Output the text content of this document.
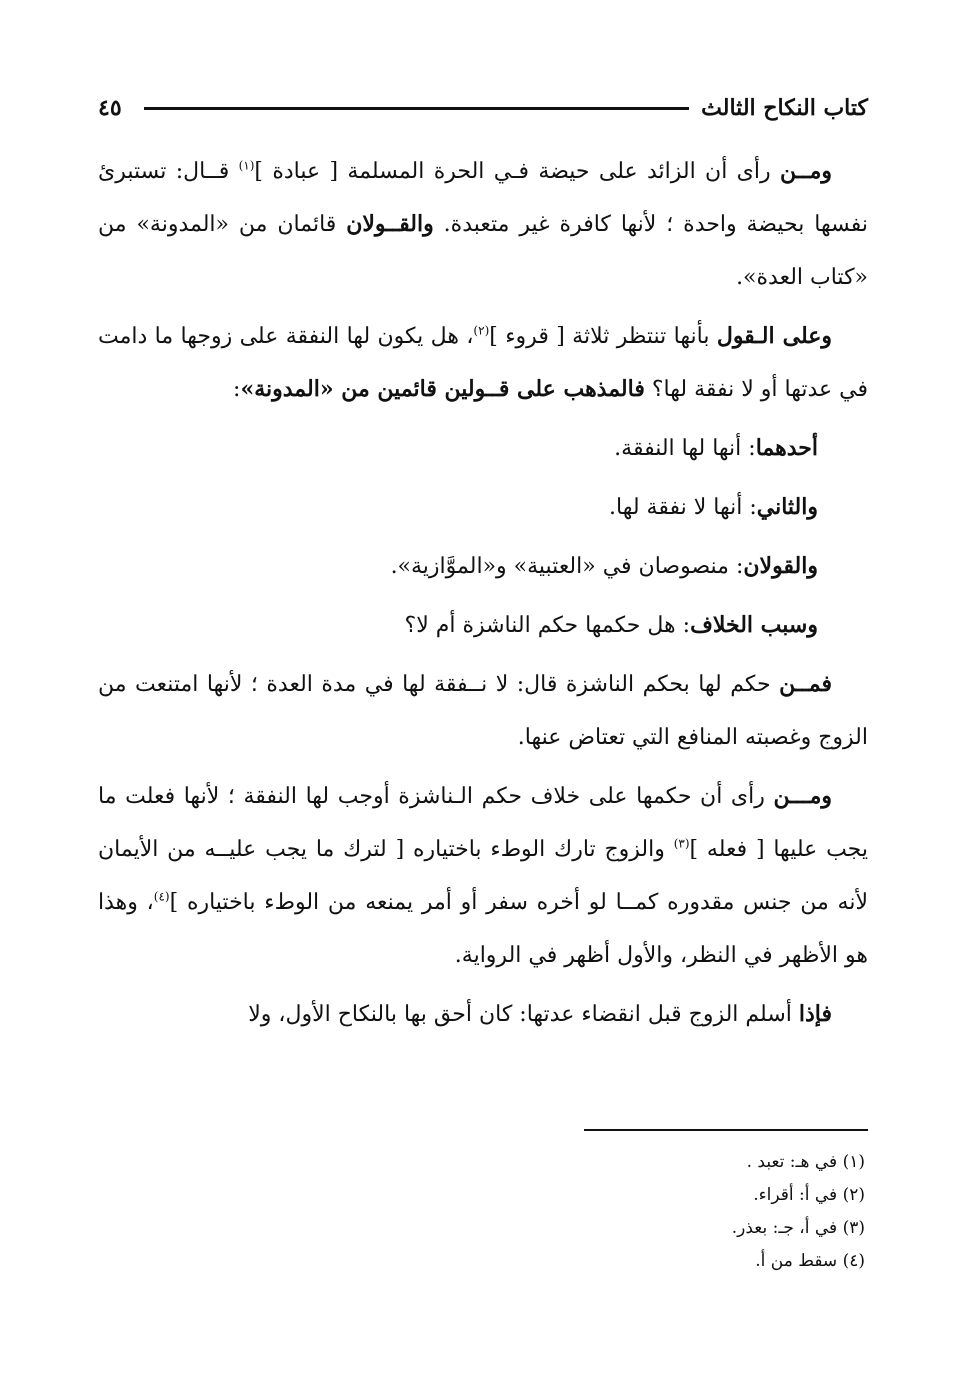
كتاب النكاح الثالث
٤٥

ومــن رأى أن الزائد على حيضة فـي الحرة المسلمة [ عبادة ]$^{(١)}$ قــال: تستبرئ نفسها بحيضة واحدة ؛ لأنها كافرة غير متعبدة. والقــولان قائمان من «المدونة» من «كتاب العدة».

وعلى الـقول بأنها تنتظر ثلاثة [ قروء ]$^{(٢)}$، هل يكون لها النفقة على زوجها ما دامت في عدتها أو لا نفقة لها؟ فالمذهب على قــولين قائمين من «المدونة»:

أحدهما: أنها لها النفقة.

والثاني: أنها لا نفقة لها.

والقولان: منصوصان في «العتبية» و«الموَّازية».

وسبب الخلاف: هل حكمها حكم الناشزة أم لا؟

فمــن حكم لها بحكم الناشزة قال: لا نــفقة لها في مدة العدة ؛ لأنها امتنعت من الزوج وغصبته المنافع التي تعتاض عنها.

ومـــن رأى أن حكمها على خلاف حكم الـناشزة أوجب لها النفقة ؛ لأنها فعلت ما يجب عليها [ فعله ]$^{(٣)}$ والزوج تارك الوطء باختياره [ لترك ما يجب عليــه من الأيمان لأنه من جنس مقدوره كمــا لو أخره سفر أو أمر يمنعه من الوطء باختياره ]$^{(٤)}$، وهذا هو الأظهر في النظر، والأول أظهر في الرواية.

فإذا أسلم الزوج قبل انقضاء عدتها: كان أحق بها بالنكاح الأول، ولا

(١) في هـ: تعبد .
(٢) في أ: أقراء.
(٣) في أ، جـ: بعذر.
(٤) سقط من أ.
